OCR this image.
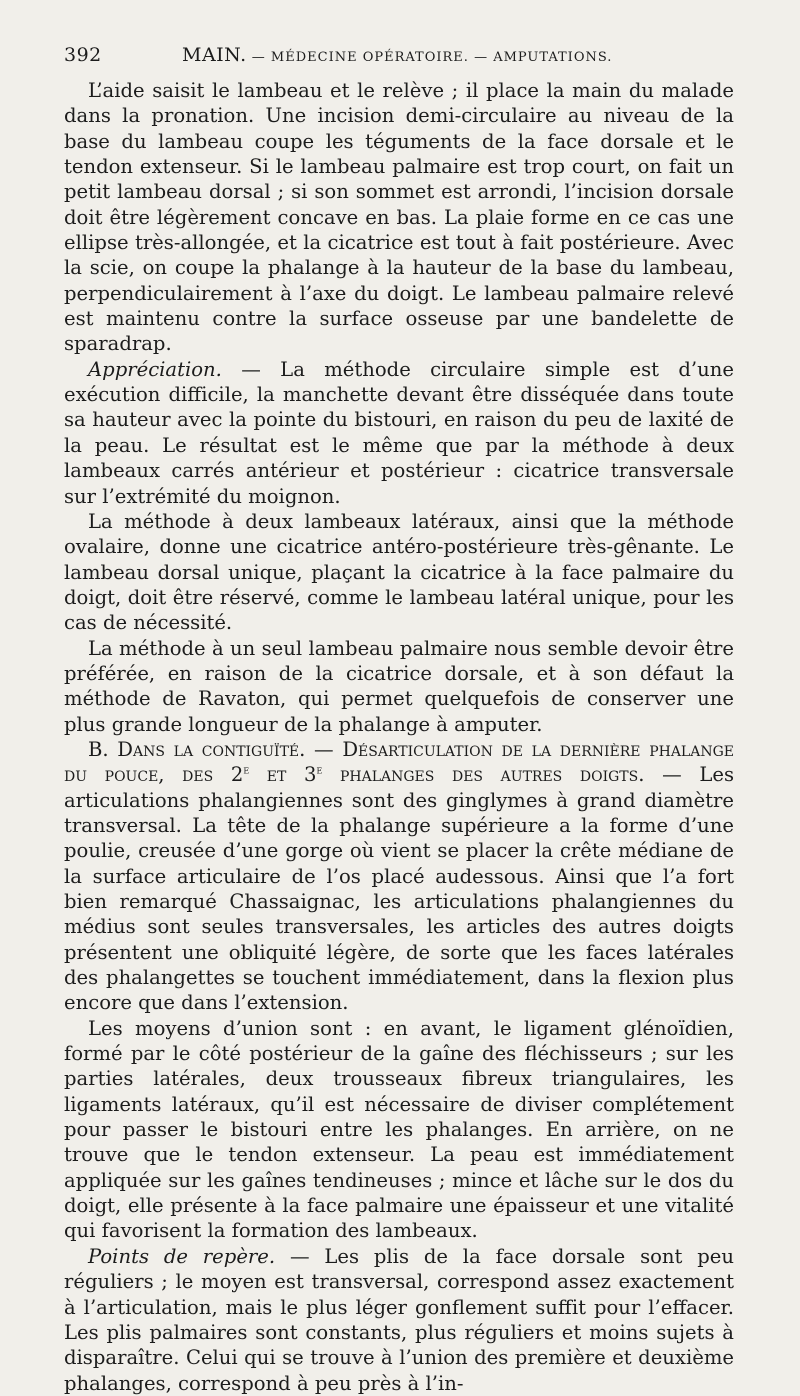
392	MAIN. — MÉDECINE OPÉRATOIRE. — AMPUTATIONS.

L’aide saisit le lambeau et le relève ; il place la main du malade dans la pronation. Une incision demi-circulaire au niveau de la base du lambeau coupe les téguments de la face dorsale et le tendon extenseur. Si le lambeau palmaire est trop court, on fait un petit lambeau dorsal ; si son sommet est arrondi, l’incision dorsale doit être légèrement concave en bas. La plaie forme en ce cas une ellipse très-allongée, et la cicatrice est tout à fait postérieure. Avec la scie, on coupe la phalange à la hauteur de la base du lambeau, perpendiculairement à l’axe du doigt. Le lambeau palmaire relevé est maintenu contre la surface osseuse par une bandelette de sparadrap.

Appréciation. — La méthode circulaire simple est d’une exécution difficile, la manchette devant être disséquée dans toute sa hauteur avec la pointe du bistouri, en raison du peu de laxité de la peau. Le résultat est le même que par la méthode à deux lambeaux carrés antérieur et postérieur : cicatrice transversale sur l’extrémité du moignon.

La méthode à deux lambeaux latéraux, ainsi que la méthode ovalaire, donne une cicatrice antéro-postérieure très-gênante. Le lambeau dorsal unique, plaçant la cicatrice à la face palmaire du doigt, doit être réservé, comme le lambeau latéral unique, pour les cas de nécessité.

La méthode à un seul lambeau palmaire nous semble devoir être préférée, en raison de la cicatrice dorsale, et à son défaut la méthode de Ravaton, qui permet quelquefois de conserver une plus grande longueur de la phalange à amputer.

B. Dans la contiguïté. — Désarticulation de la dernière phalange du pouce, des 2e et 3e phalanges des autres doigts. — Les articulations phalangiennes sont des ginglymes à grand diamètre transversal. La tête de la phalange supérieure a la forme d’une poulie, creusée d’une gorge où vient se placer la crête médiane de la surface articulaire de l’os placé audessous. Ainsi que l’a fort bien remarqué Chassaignac, les articulations phalangiennes du médius sont seules transversales, les articles des autres doigts présentent une obliquité légère, de sorte que les faces latérales des phalangettes se touchent immédiatement, dans la flexion plus encore que dans l’extension.

Les moyens d’union sont : en avant, le ligament glénoïdien, formé par le côté postérieur de la gaîne des fléchisseurs ; sur les parties latérales, deux trousseaux fibreux triangulaires, les ligaments latéraux, qu’il est nécessaire de diviser complétement pour passer le bistouri entre les phalanges. En arrière, on ne trouve que le tendon extenseur. La peau est immédiatement appliquée sur les gaînes tendineuses ; mince et lâche sur le dos du doigt, elle présente à la face palmaire une épaisseur et une vitalité qui favorisent la formation des lambeaux.

Points de repère. — Les plis de la face dorsale sont peu réguliers ; le moyen est transversal, correspond assez exactement à l’articulation, mais le plus léger gonflement suffit pour l’effacer. Les plis palmaires sont constants, plus réguliers et moins sujets à disparaître. Celui qui se trouve à l’union des première et deuxième phalanges, correspond à peu près à l’in-
